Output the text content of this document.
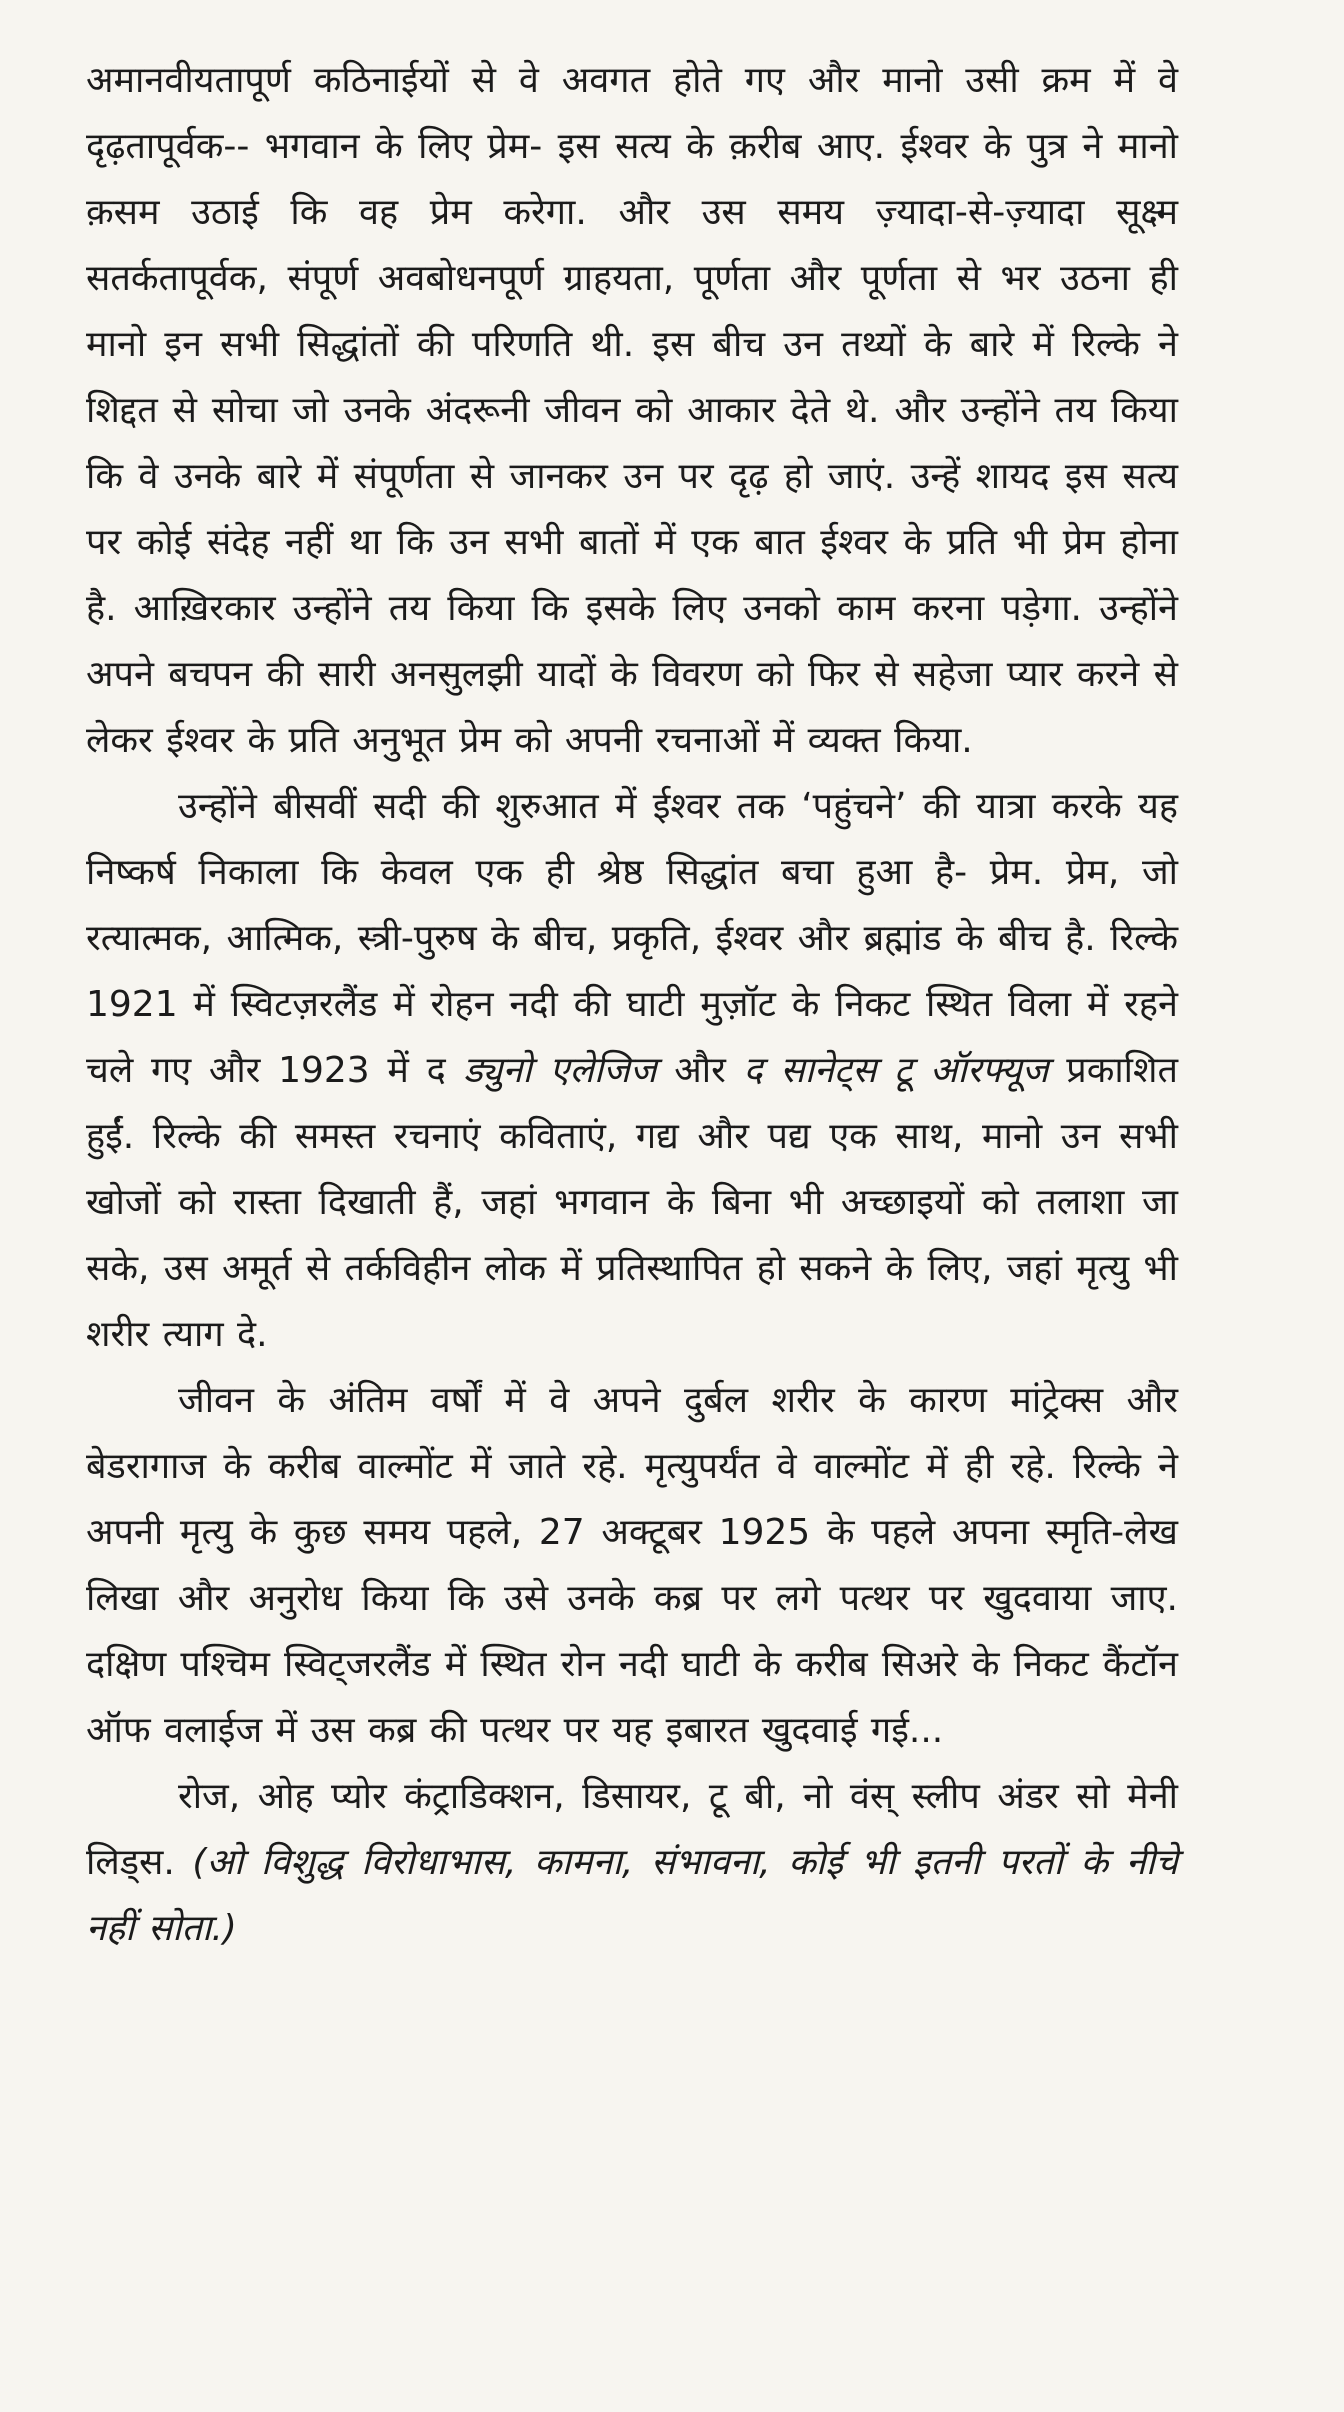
अमानवीयतापूर्ण कठिनाईयों से वे अवगत होते गए और मानो उसी क्रम में वे दृढ़तापूर्वक-- भगवान के लिए प्रेम- इस सत्य के क़रीब आए. ईश्वर के पुत्र ने मानो क़सम उठाई कि वह प्रेम करेगा. और उस समय ज़्यादा-से-ज़्यादा सूक्ष्म सतर्कतापूर्वक, संपूर्ण अवबोधनपूर्ण ग्राहयता, पूर्णता और पूर्णता से भर उठना ही मानो इन सभी सिद्धांतों की परिणति थी. इस बीच उन तथ्यों के बारे में रिल्के ने शिद्दत से सोचा जो उनके अंदरूनी जीवन को आकार देते थे. और उन्होंने तय किया कि वे उनके बारे में संपूर्णता से जानकर उन पर दृढ़ हो जाएं. उन्हें शायद इस सत्य पर कोई संदेह नहीं था कि उन सभी बातों में एक बात ईश्वर के प्रति भी प्रेम होना है. आख़िरकार उन्होंने तय किया कि इसके लिए उनको काम करना पड़ेगा. उन्होंने अपने बचपन की सारी अनसुलझी यादों के विवरण को फिर से सहेजा प्यार करने से लेकर ईश्वर के प्रति अनुभूत प्रेम को अपनी रचनाओं में व्यक्त किया.

उन्होंने बीसवीं सदी की शुरुआत में ईश्वर तक ‘पहुंचने’ की यात्रा करके यह निष्कर्ष निकाला कि केवल एक ही श्रेष्ठ सिद्धांत बचा हुआ है- प्रेम. प्रेम, जो रत्यात्मक, आत्मिक, स्त्री-पुरुष के बीच, प्रकृति, ईश्वर और ब्रह्मांड के बीच है. रिल्के 1921 में स्विटज़रलैंड में रोहन नदी की घाटी मुज़ॉट के निकट स्थित विला में रहने चले गए और 1923 में द ड्युनो एलेजिज और द सानेट्स टू ऑरफ्यूज प्रकाशित हुईं. रिल्के की समस्त रचनाएं कविताएं, गद्य और पद्य एक साथ, मानो उन सभी खोजों को रास्ता दिखाती हैं, जहां भगवान के बिना भी अच्छाइयों को तलाशा जा सके, उस अमूर्त से तर्कविहीन लोक में प्रतिस्थापित हो सकने के लिए, जहां मृत्यु भी शरीर त्याग दे.

जीवन के अंतिम वर्षों में वे अपने दुर्बल शरीर के कारण मांट्रेक्स और बेडरागाज के करीब वाल्मोंट में जाते रहे. मृत्युपर्यंत वे वाल्मोंट में ही रहे. रिल्के ने अपनी मृत्यु के कुछ समय पहले, 27 अक्टूबर 1925 के पहले अपना स्मृति-लेख लिखा और अनुरोध किया कि उसे उनके कब्र पर लगे पत्थर पर खुदवाया जाए. दक्षिण पश्चिम स्विट्जरलैंड में स्थित रोन नदी घाटी के करीब सिअरे के निकट कैंटॉन ऑफ वलाईज में उस कब्र की पत्थर पर यह इबारत खुदवाई गई...

रोज, ओह प्योर कंट्राडिक्शन, डिसायर, टू बी, नो वंस् स्लीप अंडर सो मेनी लिड्स. (ओ विशुद्ध विरोधाभास, कामना, संभावना, कोई भी इतनी परतों के नीचे नहीं सोता.)
